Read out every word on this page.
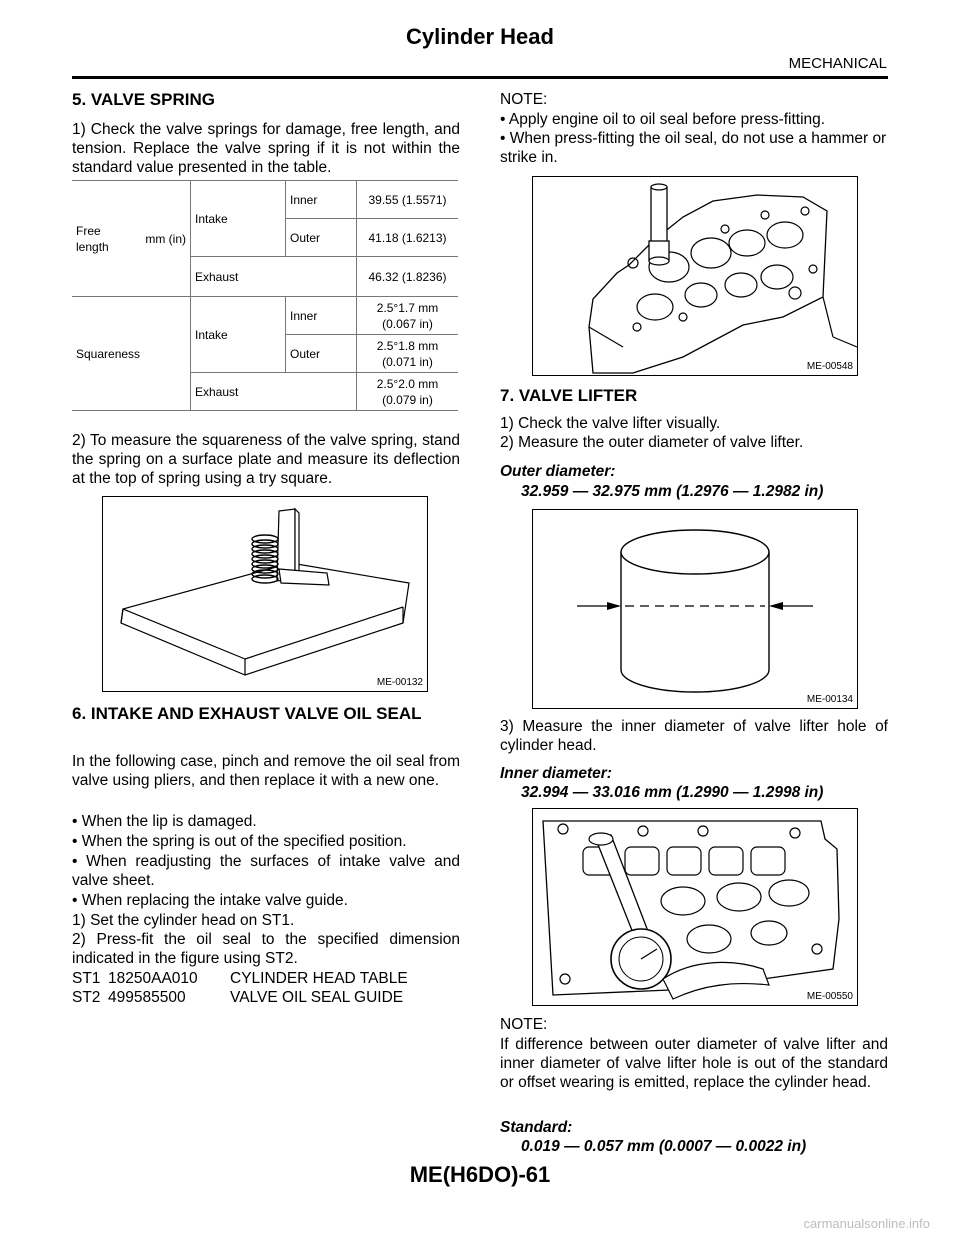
Cylinder Head
MECHANICAL
5. VALVE SPRING
1) Check the valve springs for damage, free length, and tension. Replace the valve spring if it is not within the standard value presented in the table.
Free length
mm (in)	Intake	Inner	39.55 (1.5571)
		Outer	41.18 (1.6213)
	Exhaust		46.32 (1.8236)
Squareness	Intake	Inner	2.5°1.7 mm (0.067 in)
		Outer	2.5°1.8 mm (0.071 in)
	Exhaust		2.5°2.0 mm (0.079 in)
2) To measure the squareness of the valve spring, stand the spring on a surface plate and measure its deflection at the top of spring using a try square.
ME-00132
6. INTAKE AND EXHAUST VALVE OIL SEAL
In the following case, pinch and remove the oil seal from valve using pliers, and then replace it with a new one.
• When the lip is damaged.
• When the spring is out of the specified position.
• When readjusting the surfaces of intake valve and valve sheet.
• When replacing the intake valve guide.
1) Set the cylinder head on ST1.
2) Press-fit the oil seal to the specified dimension indicated in the figure using ST2.
ST1 18250AA010 CYLINDER HEAD TABLE
ST2 499585500	VALVE OIL SEAL GUIDE
NOTE:
• Apply engine oil to oil seal before press-fitting.
• When press-fitting the oil seal, do not use a hammer or strike in.
ME-00548
7. VALVE LIFTER
1) Check the valve lifter visually.
2) Measure the outer diameter of valve lifter.
Outer diameter:
32.959 — 32.975 mm (1.2976 — 1.2982 in)
ME-00134
3) Measure the inner diameter of valve lifter hole of cylinder head.
Inner diameter:
32.994 — 33.016 mm (1.2990 — 1.2998 in)
ME-00550
NOTE:
If difference between outer diameter of valve lifter and inner diameter of valve lifter hole is out of the standard or offset wearing is emitted, replace the cylinder head.
Standard:
0.019 — 0.057 mm (0.0007 — 0.0022 in)
ME(H6DO)-61
carmanualsonline.info
